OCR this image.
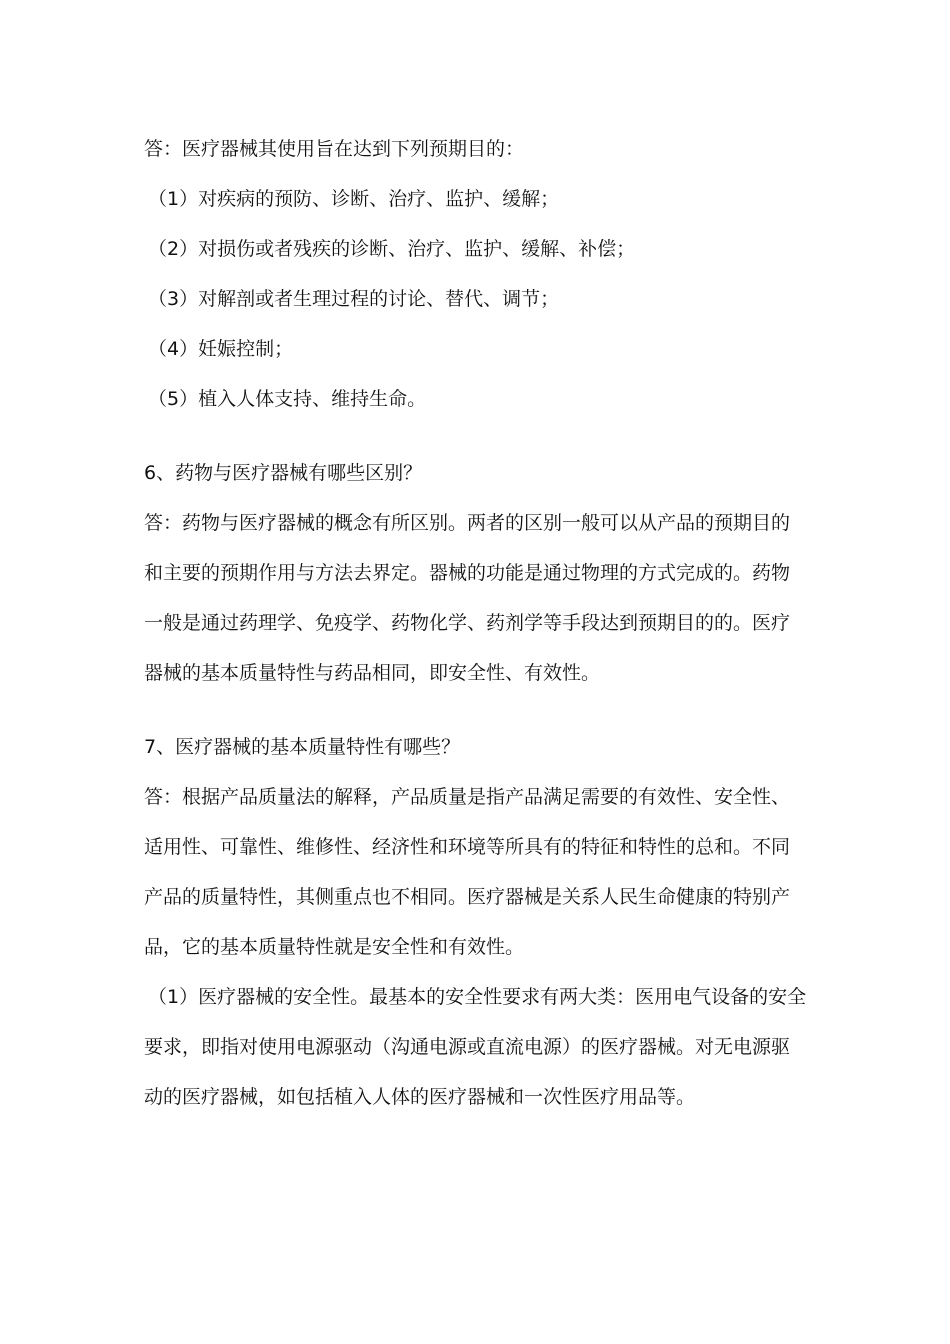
答：医疗器械其使用旨在达到下列预期目的：

（1）对疾病的预防、诊断、治疗、监护、缓解；

（2）对损伤或者残疾的诊断、治疗、监护、缓解、补偿；

（3）对解剖或者生理过程的讨论、替代、调节；

（4）妊娠控制；

（5）植入人体支持、维持生命。

6、药物与医疗器械有哪些区别？

答：药物与医疗器械的概念有所区别。两者的区别一般可以从产品的预期目的

和主要的预期作用与方法去界定。器械的功能是通过物理的方式完成的。药物

一般是通过药理学、免疫学、药物化学、药剂学等手段达到预期目的的。医疗

器械的基本质量特性与药品相同，即安全性、有效性。

7、医疗器械的基本质量特性有哪些？

答：根据产品质量法的解释，产品质量是指产品满足需要的有效性、安全性、

适用性、可靠性、维修性、经济性和环境等所具有的特征和特性的总和。不同

产品的质量特性，其侧重点也不相同。医疗器械是关系人民生命健康的特别产

品，它的基本质量特性就是安全性和有效性。

（1）医疗器械的安全性。最基本的安全性要求有两大类：医用电气设备的安全

要求，即指对使用电源驱动（沟通电源或直流电源）的医疗器械。对无电源驱

动的医疗器械，如包括植入人体的医疗器械和一次性医疗用品等。
